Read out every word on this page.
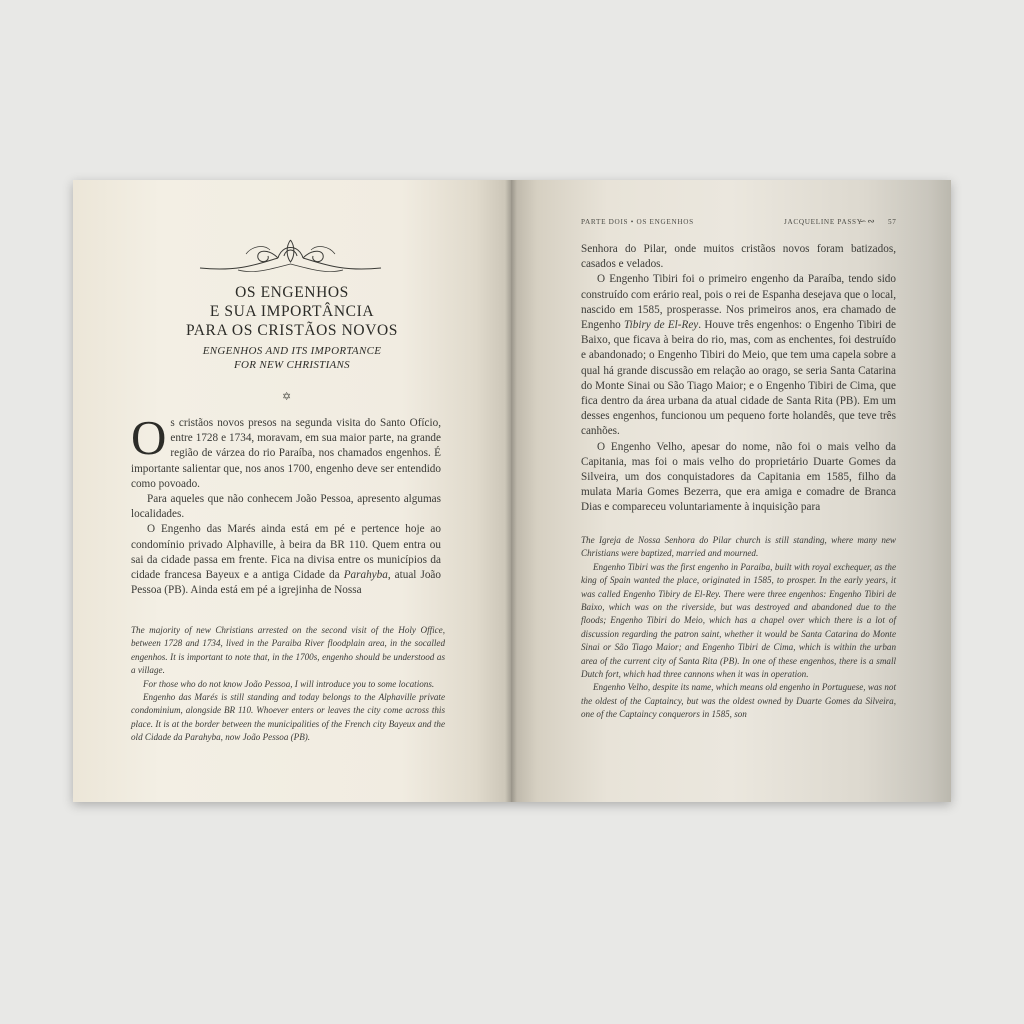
OS ENGENHOS
E SUA IMPORTÂNCIA
PARA OS CRISTÃOS NOVOS
ENGENHOS AND ITS IMPORTANCE
FOR NEW CHRISTIANS
✡

Os cristãos novos presos na segunda visita do Santo Ofício, entre 1728 e 1734, moravam, em sua maior parte, na grande região de várzea do rio Paraíba, nos chamados engenhos. É importante salientar que, nos anos 1700, engenho deve ser entendido como povoado.

Para aqueles que não conhecem João Pessoa, apresento algumas localidades.

O Engenho das Marés ainda está em pé e pertence hoje ao condomínio privado Alphaville, à beira da BR 110. Quem entra ou sai da cidade passa em frente. Fica na divisa entre os municípios da cidade francesa Bayeux e a antiga Cidade da Parahyba, atual João Pessoa (PB). Ainda está em pé a igrejinha de Nossa

The majority of new Christians arrested on the second visit of the Holy Office, between 1728 and 1734, lived in the Paraiba River floodplain area, in the socalled engenhos. It is important to note that, in the 1700s, engenho should be understood as a village.

For those who do not know João Pessoa, I will introduce you to some locations.

Engenho das Marés is still standing and today belongs to the Alphaville private condominium, alongside BR 110. Whoever enters or leaves the city come across this place. It is at the border between the municipalities of the French city Bayeux and the old Cidade da Parahyba, now João Pessoa (PB).

PARTE DOIS • OS ENGENHOS	JACQUELINE PASSY
∽∾ 57

Senhora do Pilar, onde muitos cristãos novos foram batizados, casados e velados.

O Engenho Tibiri foi o primeiro engenho da Paraíba, tendo sido construído com erário real, pois o rei de Espanha desejava que o local, nascido em 1585, prosperasse. Nos primeiros anos, era chamado de Engenho Tibiry de El-Rey. Houve três engenhos: o Engenho Tibiri de Baixo, que ficava à beira do rio, mas, com as enchentes, foi destruído e abandonado; o Engenho Tibiri do Meio, que tem uma capela sobre a qual há grande discussão em relação ao orago, se seria Santa Catarina do Monte Sinai ou São Tiago Maior; e o Engenho Tibiri de Cima, que fica dentro da área urbana da atual cidade de Santa Rita (PB). Em um desses engenhos, funcionou um pequeno forte holandês, que teve três canhões.

O Engenho Velho, apesar do nome, não foi o mais velho da Capitania, mas foi o mais velho do proprietário Duarte Gomes da Silveira, um dos conquistadores da Capitania em 1585, filho da mulata Maria Gomes Bezerra, que era amiga e comadre de Branca Dias e compareceu voluntariamente à inquisição para

The Igreja de Nossa Senhora do Pilar church is still standing, where many new Christians were baptized, married and mourned.

Engenho Tibiri was the first engenho in Paraíba, built with royal exchequer, as the king of Spain wanted the place, originated in 1585, to prosper. In the early years, it was called Engenho Tibiry de El-Rey. There were three engenhos: Engenho Tibiri de Baixo, which was on the riverside, but was destroyed and abandoned due to the floods; Engenho Tibiri do Meio, which has a chapel over which there is a lot of discussion regarding the patron saint, whether it would be Santa Catarina do Monte Sinai or São Tiago Maior; and Engenho Tibiri de Cima, which is within the urban area of the current city of Santa Rita (PB). In one of these engenhos, there is a small Dutch fort, which had three cannons when it was in operation.

Engenho Velho, despite its name, which means old engenho in Portuguese, was not the oldest of the Captaincy, but was the oldest owned by Duarte Gomes da Silveira, one of the Captaincy conquerors in 1585, son
